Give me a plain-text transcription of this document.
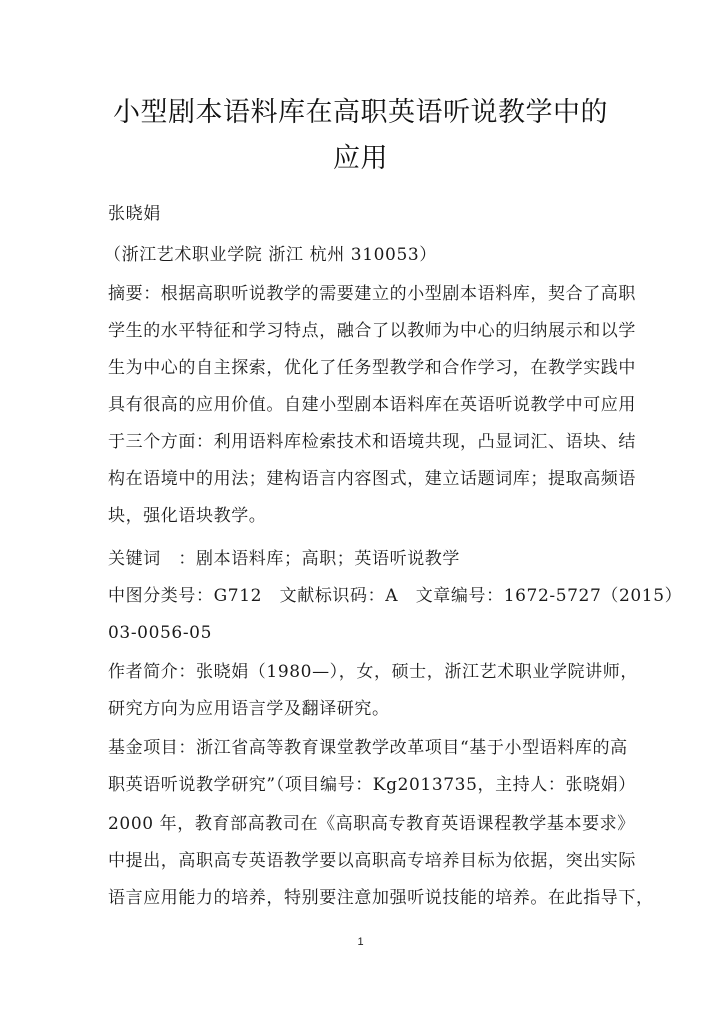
小型剧本语料库在高职英语听说教学中的
应用
张晓娟
（浙江艺术职业学院 浙江 杭州 310053）
摘要：根据高职听说教学的需要建立的小型剧本语料库，契合了高职
学生的水平特征和学习特点，融合了以教师为中心的归纳展示和以学
生为中心的自主探索，优化了任务型教学和合作学习，在教学实践中
具有很高的应用价值。自建小型剧本语料库在英语听说教学中可应用
于三个方面：利用语料库检索技术和语境共现，凸显词汇、语块、结
构在语境中的用法；建构语言内容图式，建立话题词库；提取高频语
块，强化语块教学。
关键词　：剧本语料库；高职；英语听说教学
中图分类号：G712　文献标识码：A　文章编号：1672-5727（2015）
03-0056-05
作者简介：张晓娟（1980—），女，硕士，浙江艺术职业学院讲师，
研究方向为应用语言学及翻译研究。
基金项目：浙江省高等教育课堂教学改革项目“基于小型语料库的高
职英语听说教学研究”（项目编号：Kg2013735，主持人：张晓娟）
2000 年，教育部高教司在《高职高专教育英语课程教学基本要求》
中提出，高职高专英语教学要以高职高专培养目标为依据，突出实际
语言应用能力的培养，特别要注意加强听说技能的培养。在此指导下，
1
